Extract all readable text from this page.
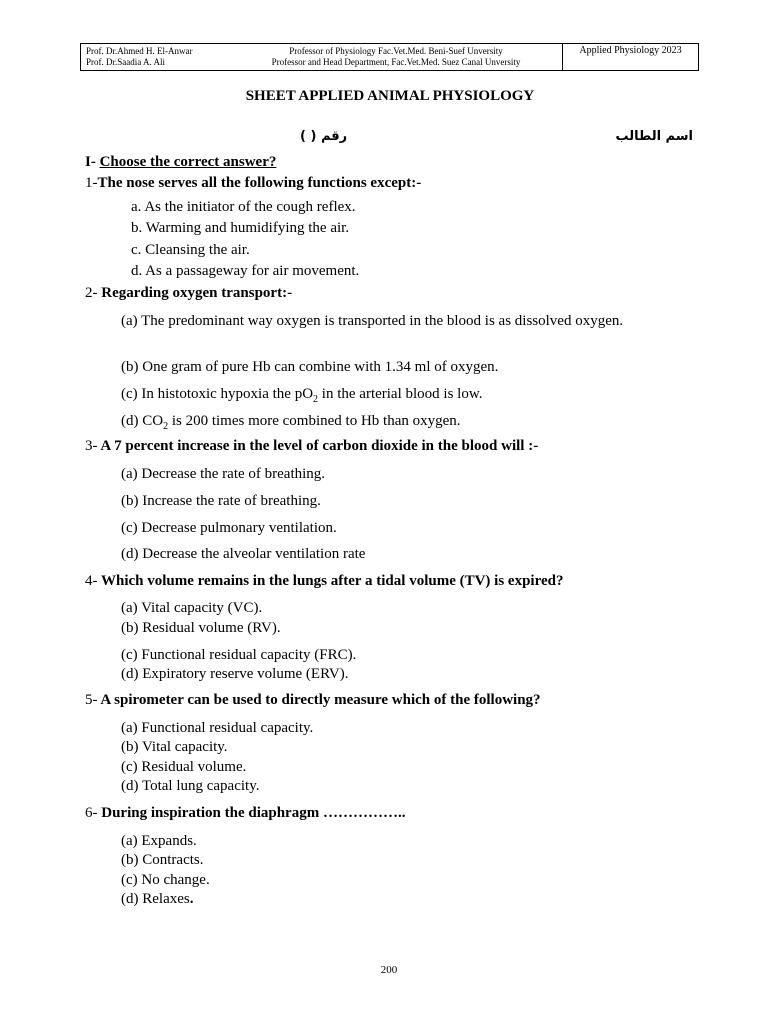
Prof. Dr.Ahmed H. El-Anwar	Professor of Physiology Fac.Vet.Med. Beni-Suef Unversity
Prof. Dr.Saadia A. Ali	Professor and Head Department, Fac.Vet.Med. Suez Canal Unversity
Applied Physiology 2023
SHEET APPLIED ANIMAL PHYSIOLOGY
اسم الطالب
( ) رقم
I- Choose the correct answer?
1-The nose serves all the following functions except:-
a. As the initiator of the cough reflex.
b. Warming and humidifying the air.
c. Cleansing the air.
d. As a passageway for air movement.
2- Regarding oxygen transport:-
(a) The predominant way oxygen is transported in the blood is as dissolved oxygen.
(b) One gram of pure Hb can combine with 1.34 ml of oxygen.
(c) In histotoxic hypoxia the $pO_2$ in the arterial blood is low.
(d) $CO_2$ is 200 times more combined to Hb than oxygen.
3- A 7 percent increase in the level of carbon dioxide in the blood will :-
(a) Decrease the rate of breathing.
(b) Increase the rate of breathing.
(c) Decrease pulmonary ventilation.
(d) Decrease the alveolar ventilation rate
4- Which volume remains in the lungs after a tidal volume (TV) is expired?
(a) Vital capacity (VC).
(b) Residual volume (RV).
(c) Functional residual capacity (FRC).
(d) Expiratory reserve volume (ERV).
5- A spirometer can be used to directly measure which of the following?
(a) Functional residual capacity.
(b) Vital capacity.
(c) Residual volume.
(d) Total lung capacity.
6- During inspiration the diaphragm ……………..
(a) Expands.
(b) Contracts.
(c) No change.
(d) Relaxes.
200
